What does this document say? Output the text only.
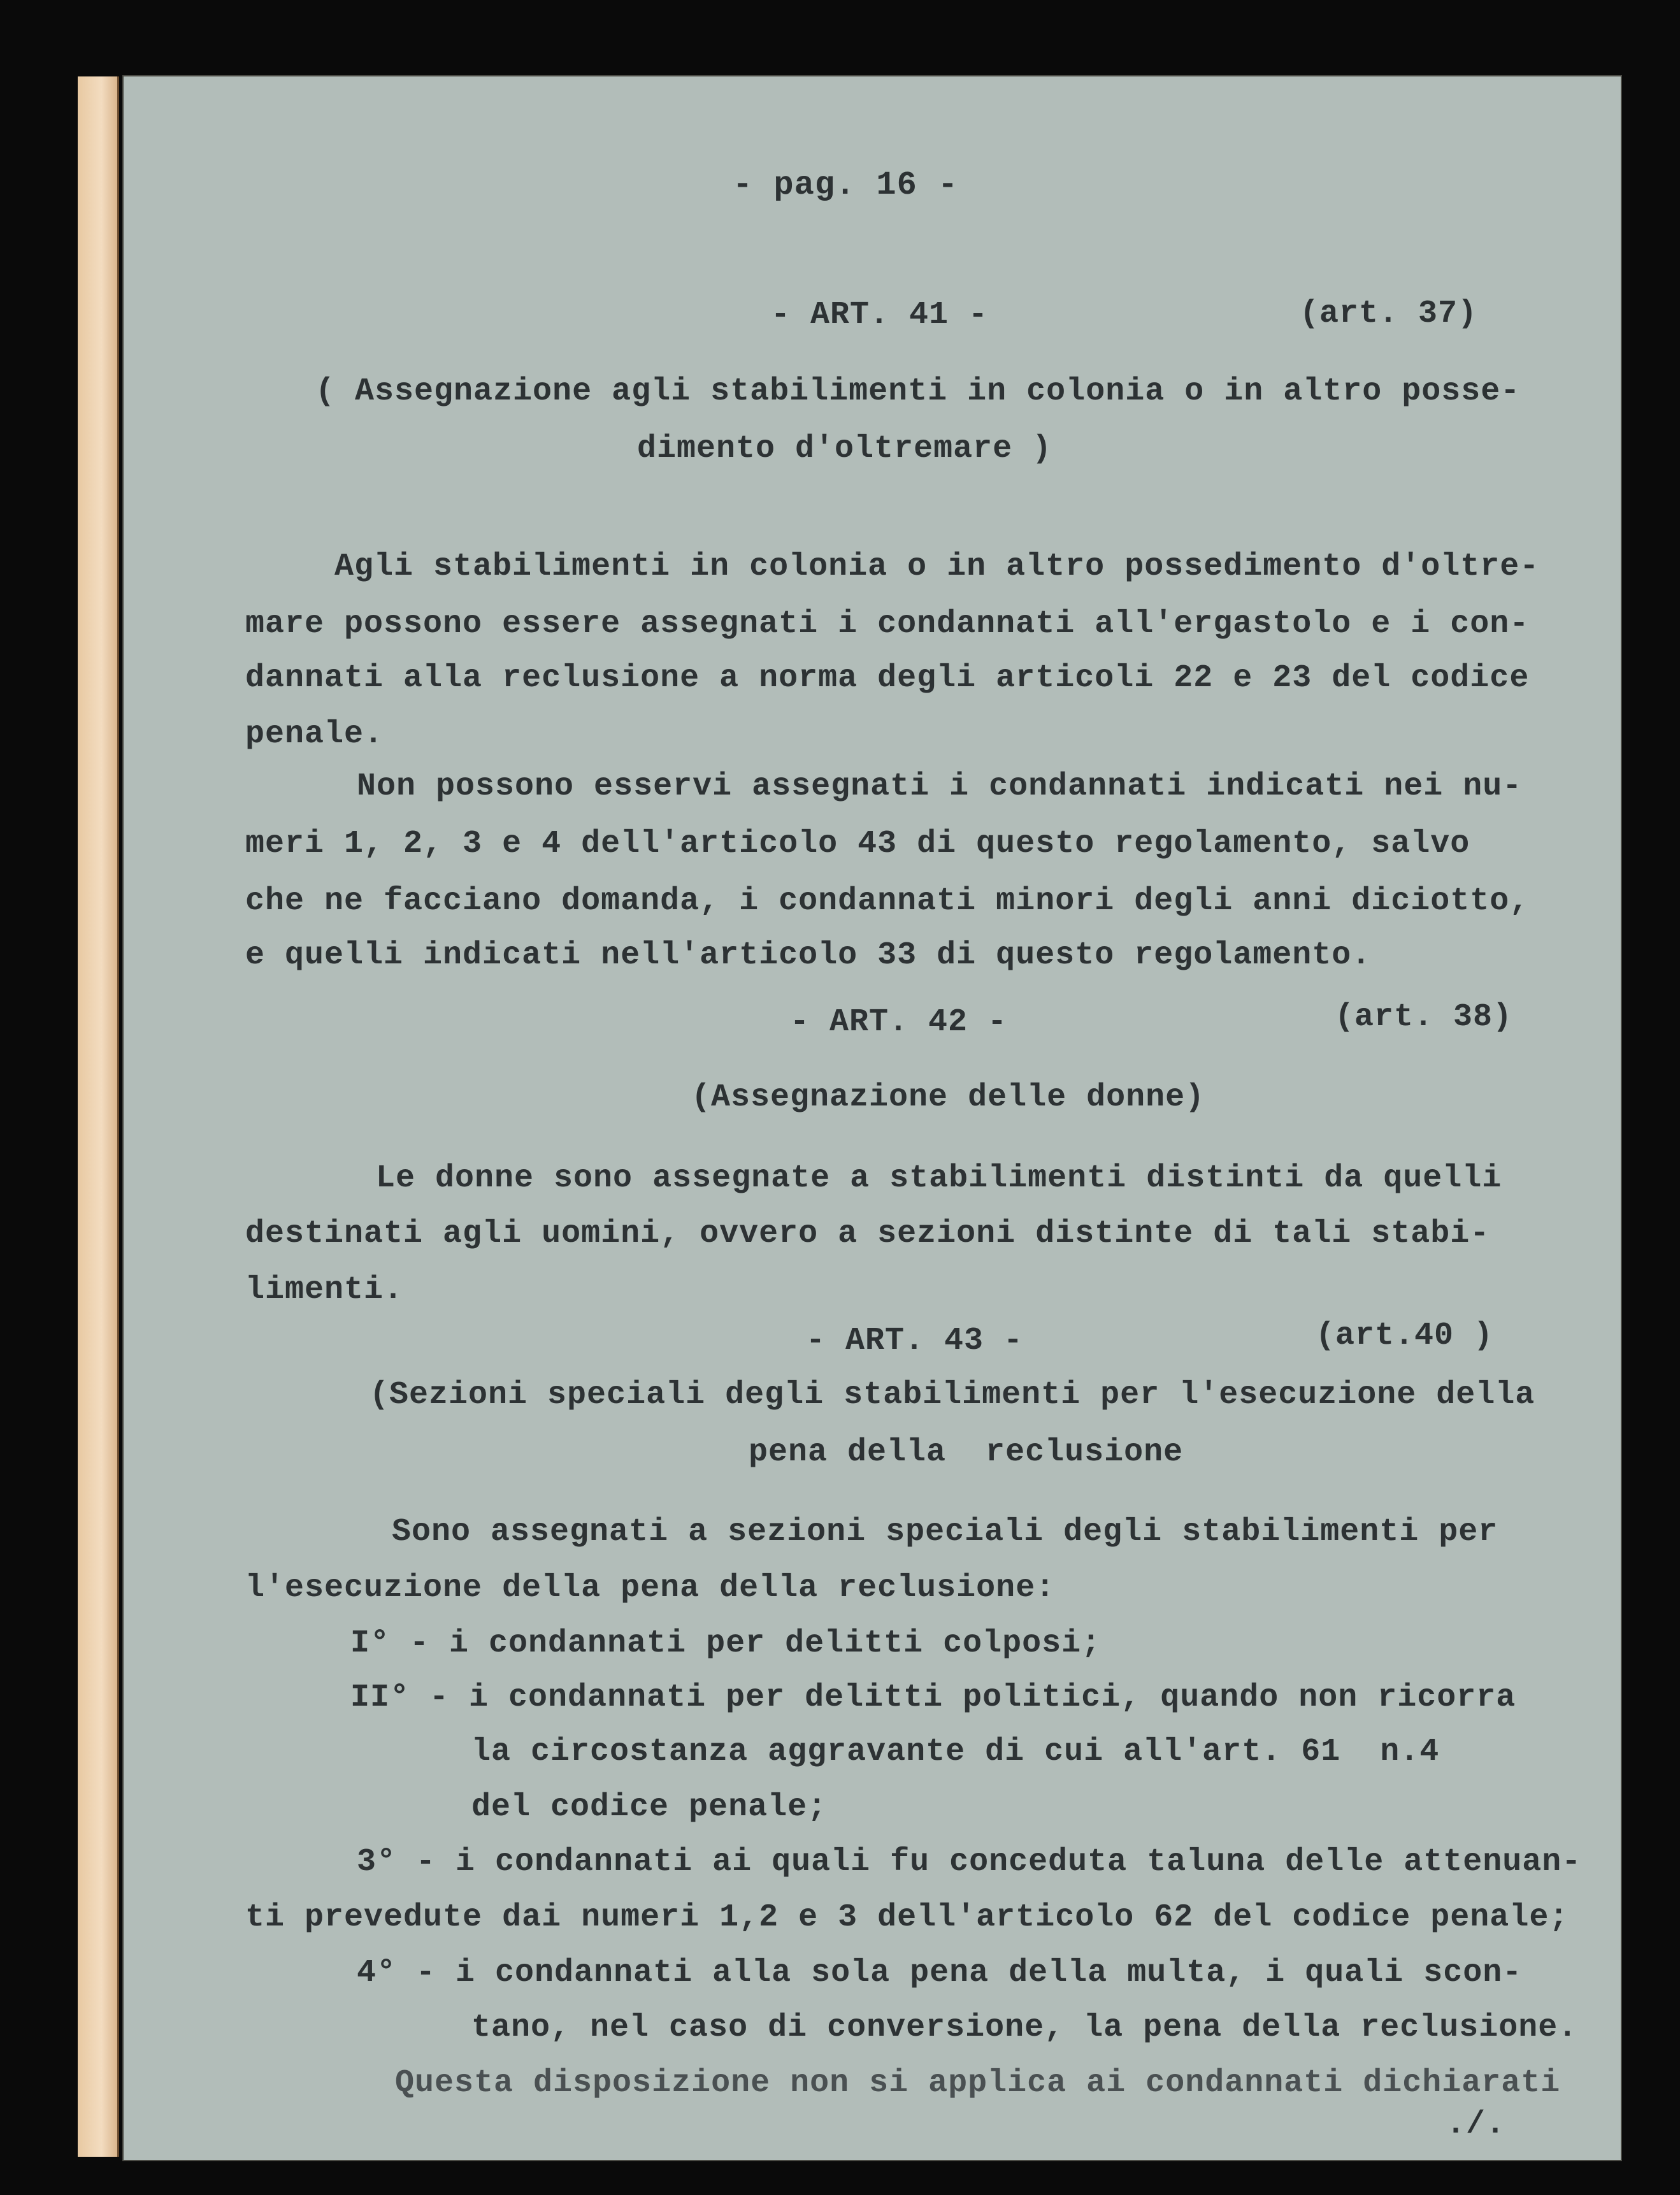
- pag. 16 -
- ART. 41 -	(art. 37)
( Assegnazione agli stabilimenti in colonia o in altro posse-
dimento d'oltremare )
Agli stabilimenti in colonia o in altro possedimento d'oltre-
mare possono essere assegnati i condannati all'ergastolo e i con-
dannati alla reclusione a norma degli articoli 22 e 23 del codice
penale.
Non possono esservi assegnati i condannati indicati nei nu-
meri 1, 2, 3 e 4 dell'articolo 43 di questo regolamento, salvo
che ne facciano domanda, i condannati minori degli anni diciotto,
e quelli indicati nell'articolo 33 di questo regolamento.
- ART. 42 -	(art. 38)
(Assegnazione delle donne)
Le donne sono assegnate a stabilimenti distinti da quelli
destinati agli uomini, ovvero a sezioni distinte di tali stabi-
limenti.
- ART. 43 -	(art.40 )
(Sezioni speciali degli stabilimenti per l'esecuzione della
pena della  reclusione
Sono assegnati a sezioni speciali degli stabilimenti per
l'esecuzione della pena della reclusione:
I° - i condannati per delitti colposi;
II° - i condannati per delitti politici, quando non ricorra
la circostanza aggravante di cui all'art. 61  n.4
del codice penale;
3° - i condannati ai quali fu conceduta taluna delle attenuan-
ti prevedute dai numeri 1,2 e 3 dell'articolo 62 del codice penale;
4° - i condannati alla sola pena della multa, i quali scon-
tano, nel caso di conversione, la pena della reclusione.
Questa disposizione non si applica ai condannati dichiarati
./.
